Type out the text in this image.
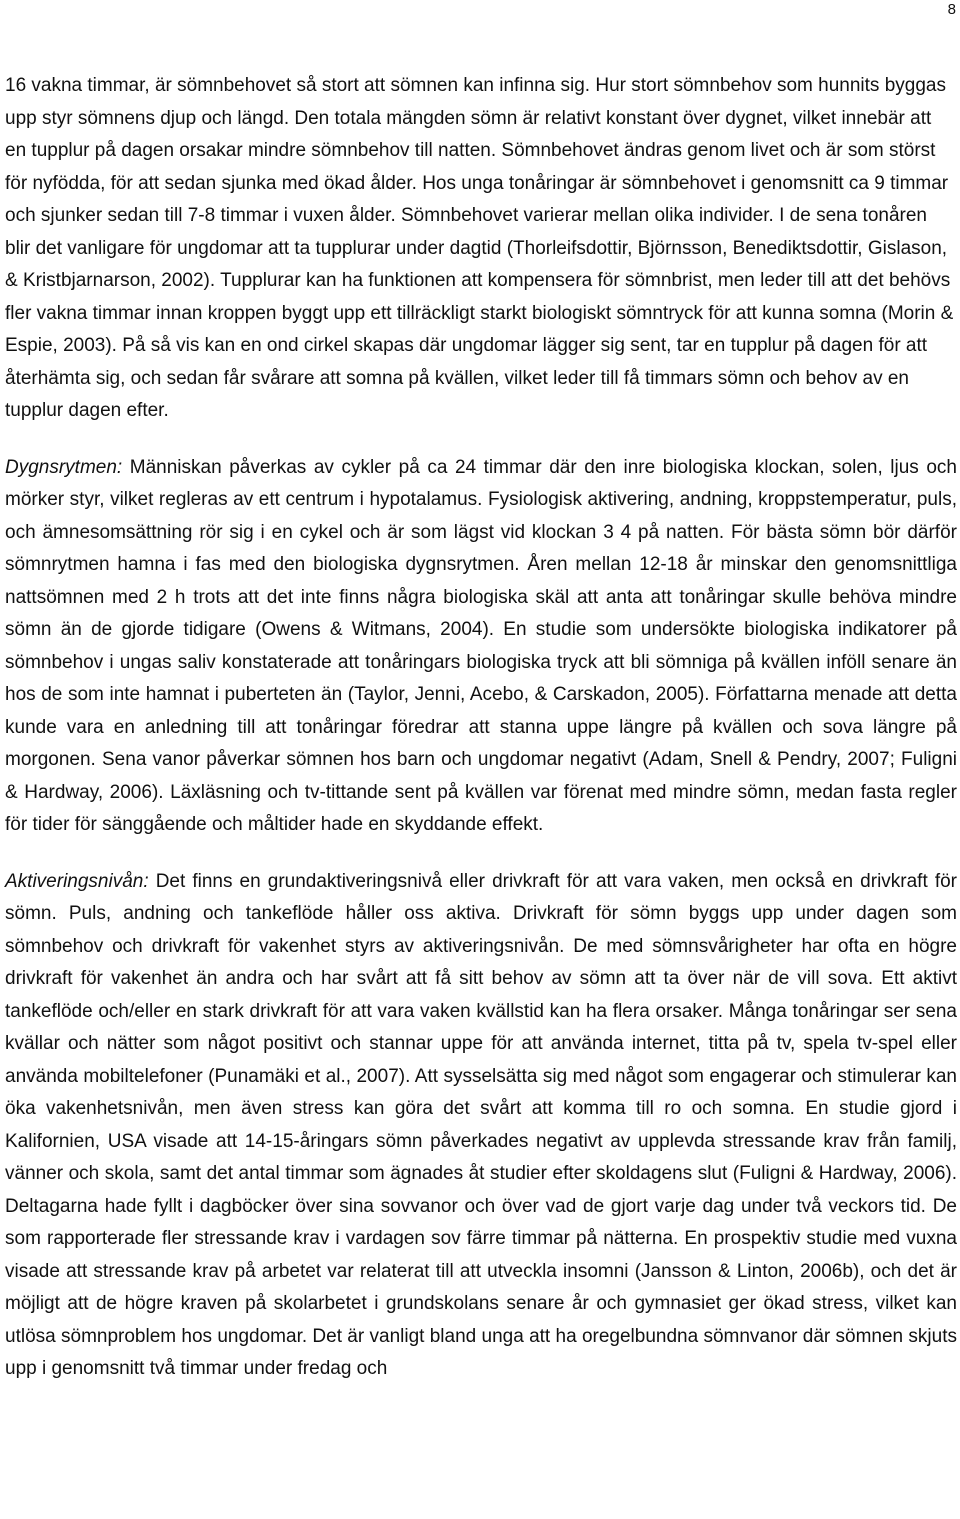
8

16 vakna timmar, är sömnbehovet så stort att sömnen kan infinna sig. Hur stort sömnbehov som hunnits byggas upp styr sömnens djup och längd. Den totala mängden sömn är relativt konstant över dygnet, vilket innebär att en tupplur på dagen orsakar mindre sömnbehov till natten. Sömnbehovet ändras genom livet och är som störst för nyfödda, för att sedan sjunka med ökad ålder. Hos unga tonåringar är sömnbehovet i genomsnitt ca 9 timmar och sjunker sedan till 7-8 timmar i vuxen ålder. Sömnbehovet varierar mellan olika individer. I de sena tonåren blir det vanligare för ungdomar att ta tupplurar under dagtid (Thorleifsdottir, Björnsson, Benediktsdottir, Gislason, & Kristbjarnarson, 2002). Tupplurar kan ha funktionen att kompensera för sömnbrist, men leder till att det behövs fler vakna timmar innan kroppen byggt upp ett tillräckligt starkt biologiskt sömntryck för att kunna somna (Morin & Espie, 2003). På så vis kan en ond cirkel skapas där ungdomar lägger sig sent, tar en tupplur på dagen för att återhämta sig, och sedan får svårare att somna på kvällen, vilket leder till få timmars sömn och behov av en tupplur dagen efter.

Dygnsrytmen: Människan påverkas av cykler på ca 24 timmar där den inre biologiska klockan, solen, ljus och mörker styr, vilket regleras av ett centrum i hypotalamus. Fysiologisk aktivering, andning, kroppstemperatur, puls, och ämnesomsättning rör sig i en cykel och är som lägst vid klockan 3 4 på natten. För bästa sömn bör därför sömnrytmen hamna i fas med den biologiska dygnsrytmen. Åren mellan 12-18 år minskar den genomsnittliga nattsömnen med 2 h trots att det inte finns några biologiska skäl att anta att tonåringar skulle behöva mindre sömn än de gjorde tidigare (Owens & Witmans, 2004). En studie som undersökte biologiska indikatorer på sömnbehov i ungas saliv konstaterade att tonåringars biologiska tryck att bli sömniga på kvällen inföll senare än hos de som inte hamnat i puberteten än (Taylor, Jenni, Acebo, & Carskadon, 2005). Författarna menade att detta kunde vara en anledning till att tonåringar föredrar att stanna uppe längre på kvällen och sova längre på morgonen. Sena vanor påverkar sömnen hos barn och ungdomar negativt (Adam, Snell & Pendry, 2007; Fuligni & Hardway, 2006). Läxläsning och tv-tittande sent på kvällen var förenat med mindre sömn, medan fasta regler för tider för sänggående och måltider hade en skyddande effekt.

Aktiveringsnivån: Det finns en grundaktiveringsnivå eller drivkraft för att vara vaken, men också en drivkraft för sömn. Puls, andning och tankeflöde håller oss aktiva. Drivkraft för sömn byggs upp under dagen som sömnbehov och drivkraft för vakenhet styrs av aktiveringsnivån. De med sömnsvårigheter har ofta en högre drivkraft för vakenhet än andra och har svårt att få sitt behov av sömn att ta över när de vill sova. Ett aktivt tankeflöde och/eller en stark drivkraft för att vara vaken kvällstid kan ha flera orsaker. Många tonåringar ser sena kvällar och nätter som något positivt och stannar uppe för att använda internet, titta på tv, spela tv-spel eller använda mobiltelefoner (Punamäki et al., 2007). Att sysselsätta sig med något som engagerar och stimulerar kan öka vakenhetsnivån, men även stress kan göra det svårt att komma till ro och somna. En studie gjord i Kalifornien, USA visade att 14-15-åringars sömn påverkades negativt av upplevda stressande krav från familj, vänner och skola, samt det antal timmar som ägnades åt studier efter skoldagens slut (Fuligni & Hardway, 2006). Deltagarna hade fyllt i dagböcker över sina sovvanor och över vad de gjort varje dag under två veckors tid. De som rapporterade fler stressande krav i vardagen sov färre timmar på nätterna. En prospektiv studie med vuxna visade att stressande krav på arbetet var relaterat till att utveckla insomni (Jansson & Linton, 2006b), och det är möjligt att de högre kraven på skolarbetet i grundskolans senare år och gymnasiet ger ökad stress, vilket kan utlösa sömnproblem hos ungdomar. Det är vanligt bland unga att ha oregelbundna sömnvanor där sömnen skjuts upp i genomsnitt två timmar under fredag och
